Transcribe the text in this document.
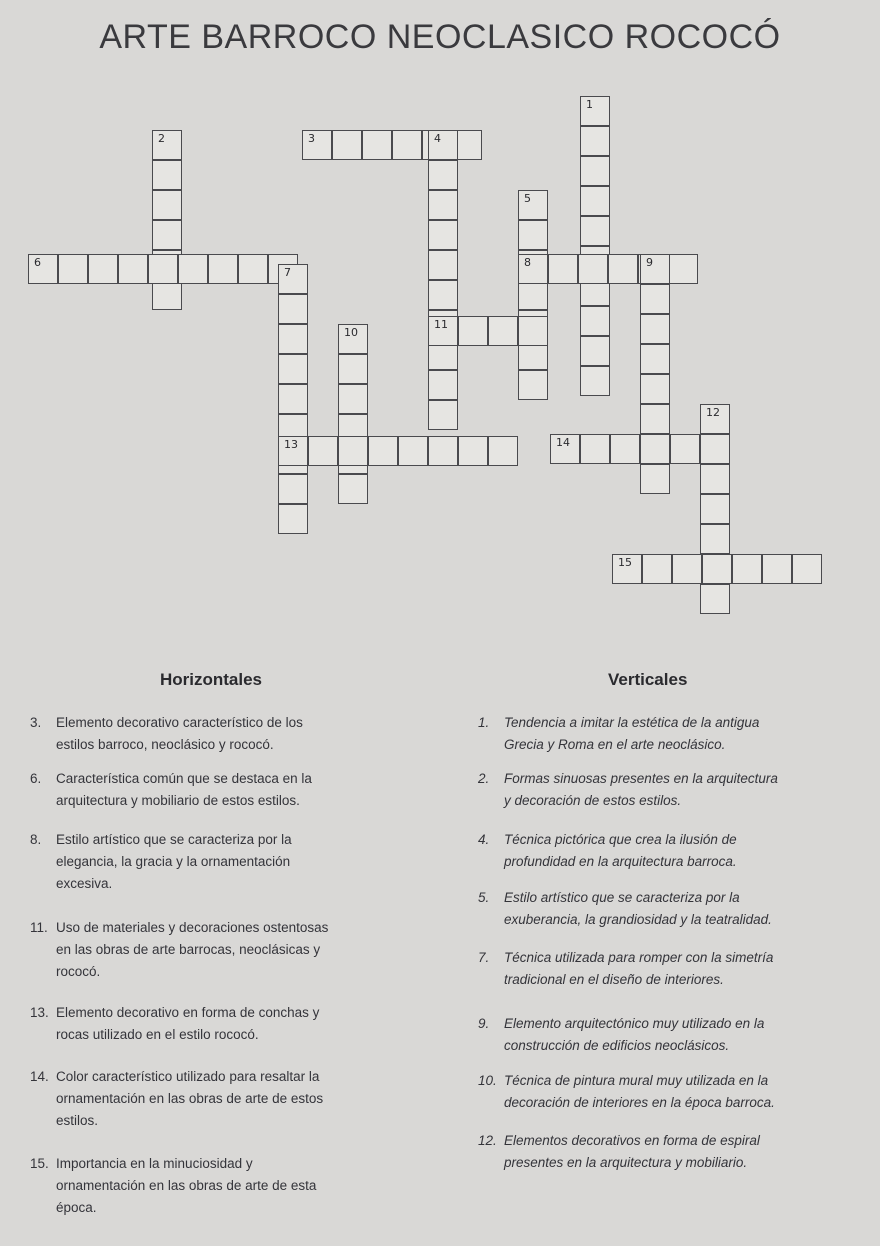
ARTE BARROCO NEOCLASICO ROCOCÓ
2	3	4
6
7
5
1
8	9
10
11
13	14
12
15
Horizontales	Verticales
3. Elemento decorativo característico de los
estilos barroco, neoclásico y rococó.
6. Característica común que se destaca en la
arquitectura y mobiliario de estos estilos.
8. Estilo artístico que se caracteriza por la
elegancia, la gracia y la ornamentación
excesiva.
11. Uso de materiales y decoraciones ostentosas
en las obras de arte barrocas, neoclásicas y
rococó.
13. Elemento decorativo en forma de conchas y
rocas utilizado en el estilo rococó.
14. Color característico utilizado para resaltar la
ornamentación en las obras de arte de estos
estilos.
15. Importancia en la minuciosidad y
ornamentación en las obras de arte de esta
época.
1. Tendencia a imitar la estética de la antigua
Grecia y Roma en el arte neoclásico.
2. Formas sinuosas presentes en la arquitectura
y decoración de estos estilos.
4. Técnica pictórica que crea la ilusión de
profundidad en la arquitectura barroca.
5. Estilo artístico que se caracteriza por la
exuberancia, la grandiosidad y la teatralidad.
7. Técnica utilizada para romper con la simetría
tradicional en el diseño de interiores.
9. Elemento arquitectónico muy utilizado en la
construcción de edificios neoclásicos.
10. Técnica de pintura mural muy utilizada en la
decoración de interiores en la época barroca.
12. Elementos decorativos en forma de espiral
presentes en la arquitectura y mobiliario.
